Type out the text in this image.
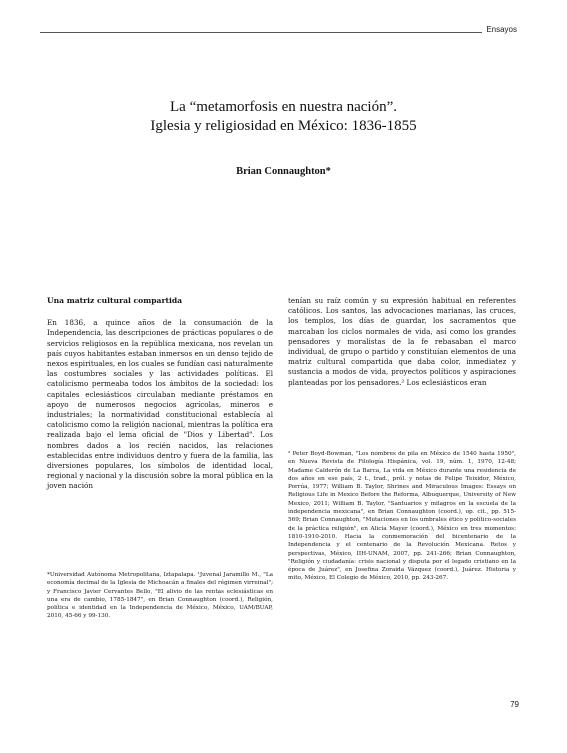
Ensayos
La “metamorfosis en nuestra nación”.
Iglesia y religiosidad en México: 1836-1855
Brian Connaughton*
Una matriz cultural compartida

En 1836, a quince años de la consumación de la Independencia, las descripciones de prácticas populares o de servicios religiosos en la república mexicana, nos revelan un país cuyos habitantes estaban inmersos en un denso tejido de nexos espirituales, en los cuales se fundían casi naturalmente las costumbres sociales y las actividades políticas. El catolicismo permeaba todos los ámbitos de la sociedad: los capitales eclesiásticos circulaban mediante préstamos en apoyo de numerosos negocios agrícolas, mineros e industriales; la normatividad constitucional establecía al catolicismo como la religión nacional, mientras la política era realizada bajo el lema oficial de "Dios y Libertad". Los nombres dados a los recién nacidos, las relaciones establecidas entre individuos dentro y fuera de la familia, las diversiones populares, los símbolos de identidad local, regional y nacional y la discusión sobre la moral pública en la joven nación

tenían su raíz común y su expresión habitual en referentes católicos. Los santos, las advocaciones marianas, las cruces, los templos, los días de guardar, los sacramentos que marcaban los ciclos normales de vida, así como los grandes pensadores y moralistas de la fe rebasaban el marco individual, de grupo o partido y constituían elementos de una matriz cultural compartida que daba color, inmediatez y sustancia a modos de vida, proyectos políticos y aspiraciones planteadas por los pensadores.² Los eclesiásticos eran

*Universidad Autónoma Metropolitana, Iztapalapa. ¹Juvenal Jaramillo M., "La economía decimal de la Iglesia de Michoacán a finales del régimen virreinal"; y Francisco Javier Cervantes Bello, "El alivio de las rentas eclesiásticas en una era de cambio, 1785-1847", en Brian Connaughton (coord.), Religión, política e identidad en la Independencia de México, México, UAM/BUAP, 2010, 45-66 y 99-130.

² Peter Boyd-Bowman, "Los nombres de pila en México de 1540 hasta 1950", en Nueva Revista de Filología Hispánica, vol. 19, núm. 1, 1970, 12-48; Madame Calderón de La Barca, La vida en México durante una residencia de dos años en ese país, 2 t., trad., pról. y notas de Felipe Teixidor, México, Porrúa, 1977; William B. Taylor, Shrines and Miraculous Images: Essays on Religious Life in Mexico Before the Reforma, Albuquerque, University of New Mexico, 2011; William B. Taylor, "Santuarios y milagros en la escuela de la independencia mexicana", en Brian Connaughton (coord.), op. cit., pp. 515-569; Brian Connaughton, "Mutaciones en los umbrales ético y político-sociales de la práctica religión", en Alicia Mayer (coord.), México en tres momentos: 1810-1910-2010. Hacia la conmemoración del bicentenario de la Independencia y el centenario de la Revolución Mexicana. Retos y perspectivas, México, IIH-UNAM, 2007, pp. 241-266; Brian Connaughton, "Religión y ciudadanía: crisis nacional y disputa por el legado cristiano en la época de Juárez", en Josefina Zoraida Vázquez (coord.), Juárez. Historia y mito, México, El Colegio de México, 2010, pp. 243-267.

79
